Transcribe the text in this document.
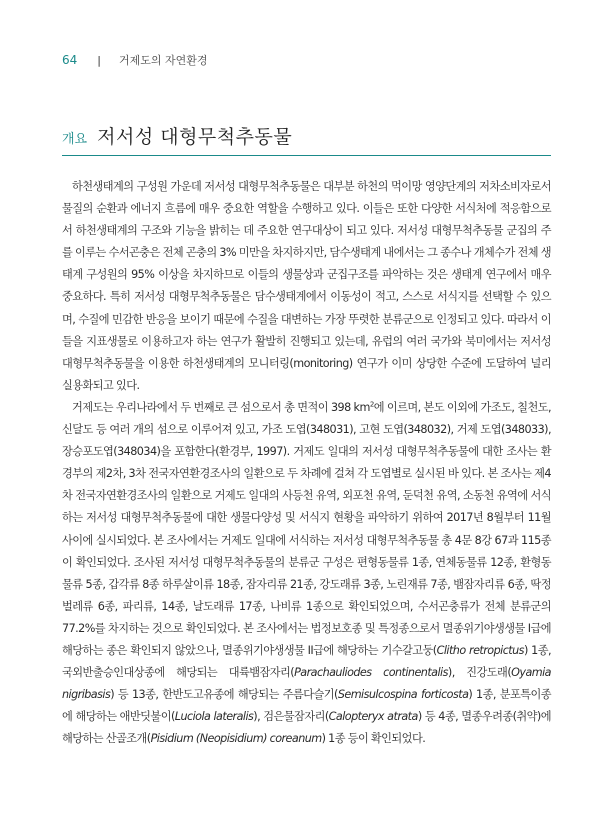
64 | 거제도의 자연환경
개요 저서성 대형무척추동물

하천생태계의 구성원 가운데 저서성 대형무척추동물은 대부분 하천의 먹이망 영양단계의 저차소비자로서 물질의 순환과 에너지 흐름에 매우 중요한 역할을 수행하고 있다. 이들은 또한 다양한 서식처에 적응함으로서 하천생태계의 구조와 기능을 밝히는 데 주요한 연구대상이 되고 있다. 저서성 대형무척추동물 군집의 주를 이루는 수서곤충은 전체 곤충의 3% 미만을 차지하지만, 담수생태계 내에서는 그 종수나 개체수가 전체 생태계 구성원의 95% 이상을 차지하므로 이들의 생물상과 군집구조를 파악하는 것은 생태계 연구에서 매우 중요하다. 특히 저서성 대형무척추동물은 담수생태계에서 이동성이 적고, 스스로 서식지를 선택할 수 있으며, 수질에 민감한 반응을 보이기 때문에 수질을 대변하는 가장 뚜렷한 분류군으로 인정되고 있다. 따라서 이들을 지표생물로 이용하고자 하는 연구가 활발히 진행되고 있는데, 유럽의 여러 국가와 북미에서는 저서성 대형무척추동물을 이용한 하천생태계의 모니터링(monitoring) 연구가 이미 상당한 수준에 도달하여 널리 실용화되고 있다.

거제도는 우리나라에서 두 번째로 큰 섬으로서 총 면적이 398 $km^2$에 이르며, 본도 이외에 가조도, 칠천도, 신달도 등 여러 개의 섬으로 이루어져 있고, 가조 도엽(348031), 고현 도엽(348032), 거제 도엽(348033), 장승포도엽(348034)을 포함한다(환경부, 1997). 거제도 일대의 저서성 대형무척추동물에 대한 조사는 환경부의 제2차, 3차 전국자연환경조사의 일환으로 두 차례에 걸쳐 각 도엽별로 실시된 바 있다. 본 조사는 제4차 전국자연환경조사의 일환으로 거제도 일대의 사등천 유역, 외포천 유역, 둔덕천 유역, 소동천 유역에 서식하는 저서성 대형무척추동물에 대한 생물다양성 및 서식지 현황을 파악하기 위하여 2017년 8월부터 11월 사이에 실시되었다. 본 조사에서는 거제도 일대에 서식하는 저서성 대형무척추동물 총 4문 8강 67과 115종이 확인되었다. 조사된 저서성 대형무척추동물의 분류군 구성은 편형동물류 1종, 연체동물류 12종, 환형동물류 5종, 갑각류 8종 하루살이류 18종, 잠자리류 21종, 강도래류 3종, 노린재류 7종, 뱀잠자리류 6종, 딱정벌레류 6종, 파리류, 14종, 날도래류 17종, 나비류 1종으로 확인되었으며, 수서곤충류가 전체 분류군의 77.2%를 차지하는 것으로 확인되었다. 본 조사에서는 법정보호종 및 특정종으로서 멸종위기야생생물 I급에 해당하는 종은 확인되지 않았으나, 멸종위기야생생물 II급에 해당하는 기수갈고둥(Clitho retropictus) 1종, 국외반출승인대상종에 해당되는 대륙뱀잠자리(Parachauliodes continentalis), 진강도래(Oyamia nigribasis) 등 13종, 한반도고유종에 해당되는 주름다슬기(Semisulcospina forticosta) 1종, 분포특이종에 해당하는 애반딧불이(Luciola lateralis), 검은물잠자리(Calopteryx atrata) 등 4종, 멸종우려종(취약)에 해당하는 산골조개(Pisidium (Neopisidium) coreanum) 1종 등이 확인되었다.
